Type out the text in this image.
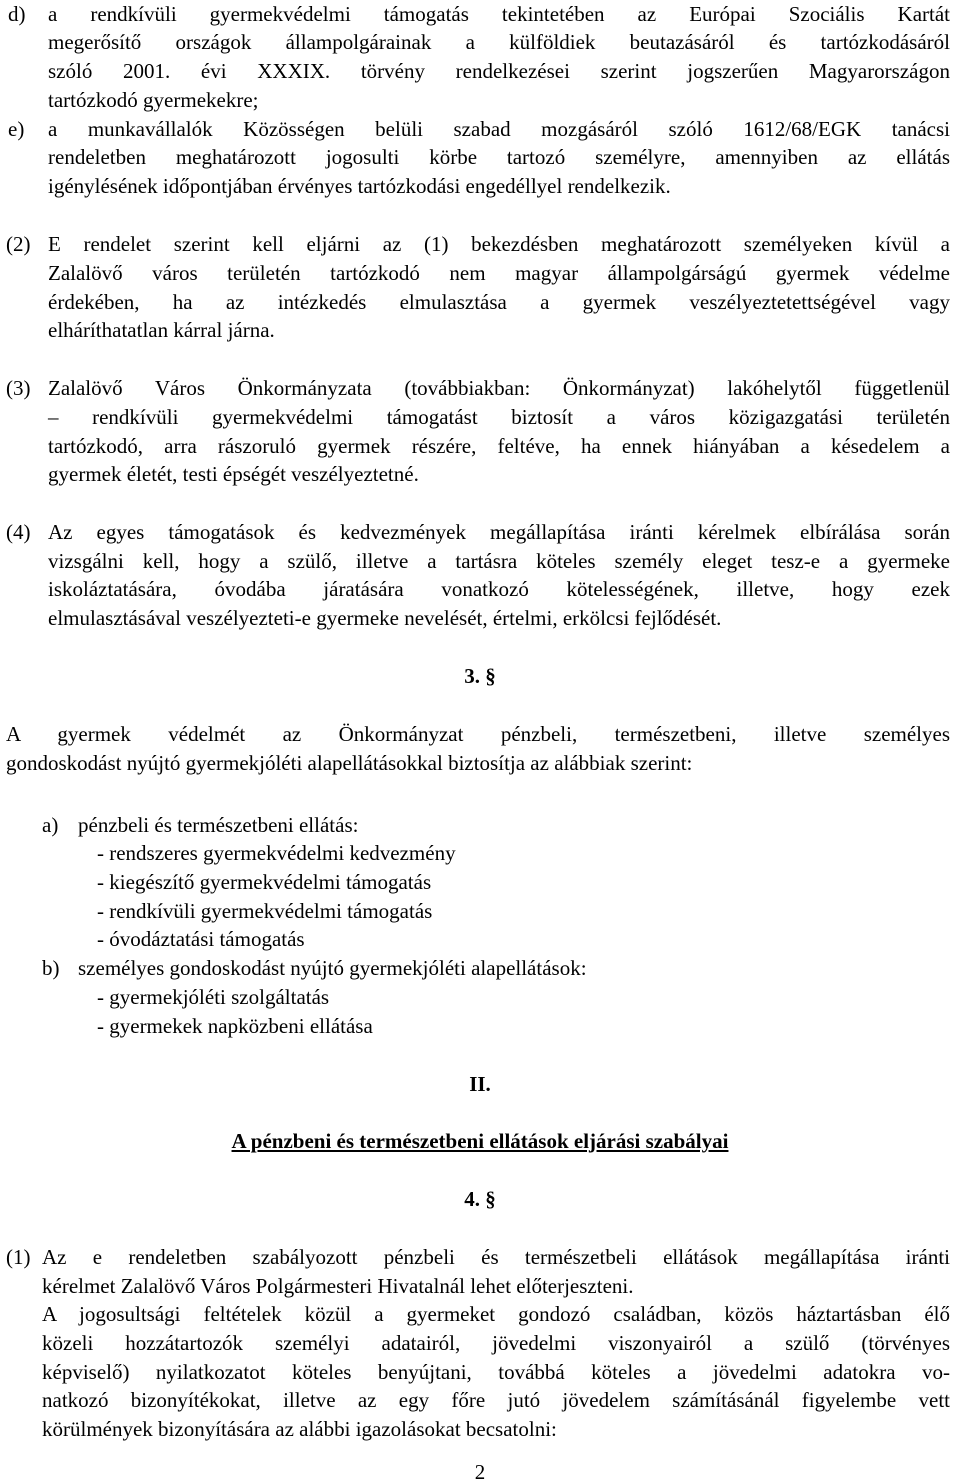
d) a rendkívüli gyermekvédelmi támogatás tekintetében az Európai Szociális Kartát
megerősítő országok állampolgárainak a külföldiek beutazásáról és tartózkodásáról
szóló 2001. évi XXXIX. törvény rendelkezései szerint jogszerűen Magyarországon
tartózkodó gyermekekre;
e) a munkavállalók Közösségen belüli szabad mozgásáról szóló 1612/68/EGK tanácsi
rendeletben meghatározott jogosulti körbe tartozó személyre, amennyiben az ellátás
igénylésének időpontjában érvényes tartózkodási engedéllyel rendelkezik.
(2) E rendelet szerint kell eljárni az (1) bekezdésben meghatározott személyeken kívül a
Zalalövő város területén tartózkodó nem magyar állampolgárságú gyermek védelme
érdekében, ha az intézkedés elmulasztása a gyermek veszélyeztetettségével vagy
elháríthatatlan kárral járna.
(3) Zalalövő Város Önkormányzata (továbbiakban: Önkormányzat) lakóhelytől függetlenül
– rendkívüli gyermekvédelmi támogatást biztosít a város közigazgatási területén
tartózkodó, arra rászoruló gyermek részére, feltéve, ha ennek hiányában a késedelem a
gyermek életét, testi épségét veszélyeztetné.
(4) Az egyes támogatások és kedvezmények megállapítása iránti kérelmek elbírálása során
vizsgálni kell, hogy a szülő, illetve a tartásra köteles személy eleget tesz-e a gyermeke
iskoláztatására, óvodába járatására vonatkozó kötelességének, illetve, hogy ezek
elmulasztásával veszélyezteti-e gyermeke nevelését, értelmi, erkölcsi fejlődését.
3. §
A gyermek védelmét az Önkormányzat pénzbeli, természetbeni, illetve személyes
gondoskodást nyújtó gyermekjóléti alapellátásokkal biztosítja az alábbiak szerint:
a) pénzbeli és természetbeni ellátás:
- rendszeres gyermekvédelmi kedvezmény
- kiegészítő gyermekvédelmi támogatás
- rendkívüli gyermekvédelmi támogatás
- óvodáztatási támogatás
b) személyes gondoskodást nyújtó gyermekjóléti alapellátások:
- gyermekjóléti szolgáltatás
- gyermekek napközbeni ellátása
II.
A pénzbeni és természetbeni ellátások eljárási szabályai
4. §
(1) Az e rendeletben szabályozott pénzbeli és természetbeli ellátások megállapítása iránti
kérelmet Zalalövő Város Polgármesteri Hivatalnál lehet előterjeszteni.
A jogosultsági feltételek közül a gyermeket gondozó családban, közös háztartásban élő
közeli hozzátartozók személyi adatairól, jövedelmi viszonyairól a szülő (törvényes
képviselő) nyilatkozatot köteles benyújtani, továbbá köteles a jövedelmi adatokra vo-
natkozó bizonyítékokat, illetve az egy főre jutó jövedelem számításánál figyelembe vett
körülmények bizonyítására az alábbi igazolásokat becsatolni:
2
